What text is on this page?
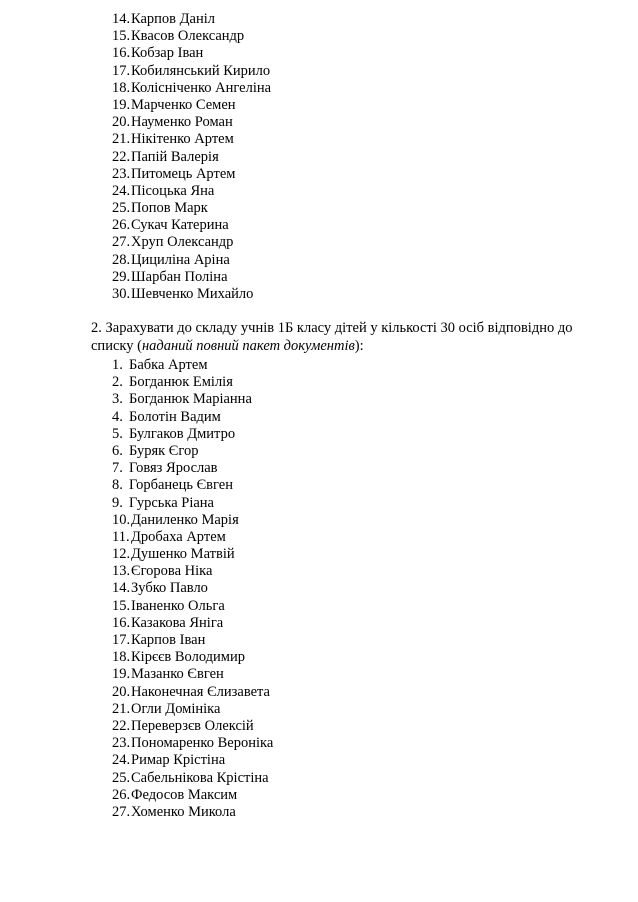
14. Карпов Даніл
15. Квасов Олександр
16. Кобзар Іван
17. Кобилянський Кирило
18. Колісніченко Ангеліна
19. Марченко Семен
20. Науменко Роман
21. Нікітенко Артем
22. Папій Валерія
23. Питомець Артем
24. Пісоцька Яна
25. Попов Марк
26. Сукач Катерина
27. Хруп Олександр
28. Цициліна Аріна
29. Шарбан Поліна
30. Шевченко Михайло

2. Зарахувати до складу учнів 1Б класу дітей у кількості 30 осіб відповідно до списку (наданий повний пакет документів):

1. Бабка Артем
2. Богданюк Емілія
3. Богданюк Маріанна
4. Болотін Вадим
5. Булгаков Дмитро
6. Буряк Єгор
7. Говяз Ярослав
8. Горбанець Євген
9. Гурська Ріана
10. Даниленко Марія
11. Дробаха Артем
12. Душенко Матвій
13. Єгорова Ніка
14. Зубко Павло
15. Іваненко Ольга
16. Казакова Яніга
17. Карпов Іван
18. Кірєєв Володимир
19. Мазанко Євген
20. Наконечная Єлизавета
21. Огли Домініка
22. Переверзєв Олексій
23. Пономаренко Вероніка
24. Римар Крістіна
25. Сабельнікова Крістіна
26. Федосов Максим
27. Хоменко Микола
